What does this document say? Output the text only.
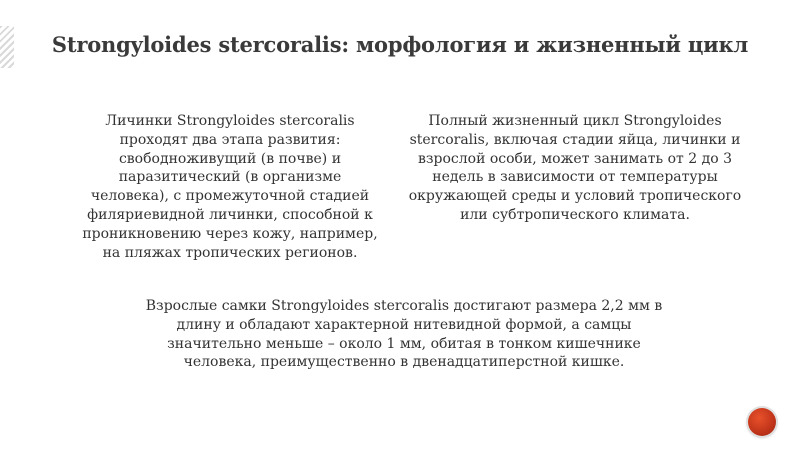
Strongyloides stercoralis: морфология и жизненный цикл
Личинки Strongyloides stercoralis проходят два этапа развития: свободноживущий (в почве) и паразитический (в организме человека), с промежуточной стадией филяриевидной личинки, способной к проникновению через кожу, например, на пляжах тропических регионов.
Полный жизненный цикл Strongyloides stercoralis, включая стадии яйца, личинки и взрослой особи, может занимать от 2 до 3 недель в зависимости от температуры окружающей среды и условий тропического или субтропического климата.
Взрослые самки Strongyloides stercoralis достигают размера 2,2 мм в длину и обладают характерной нитевидной формой, а самцы значительно меньше – около 1 мм, обитая в тонком кишечнике человека, преимущественно в двенадцатиперстной кишке.
